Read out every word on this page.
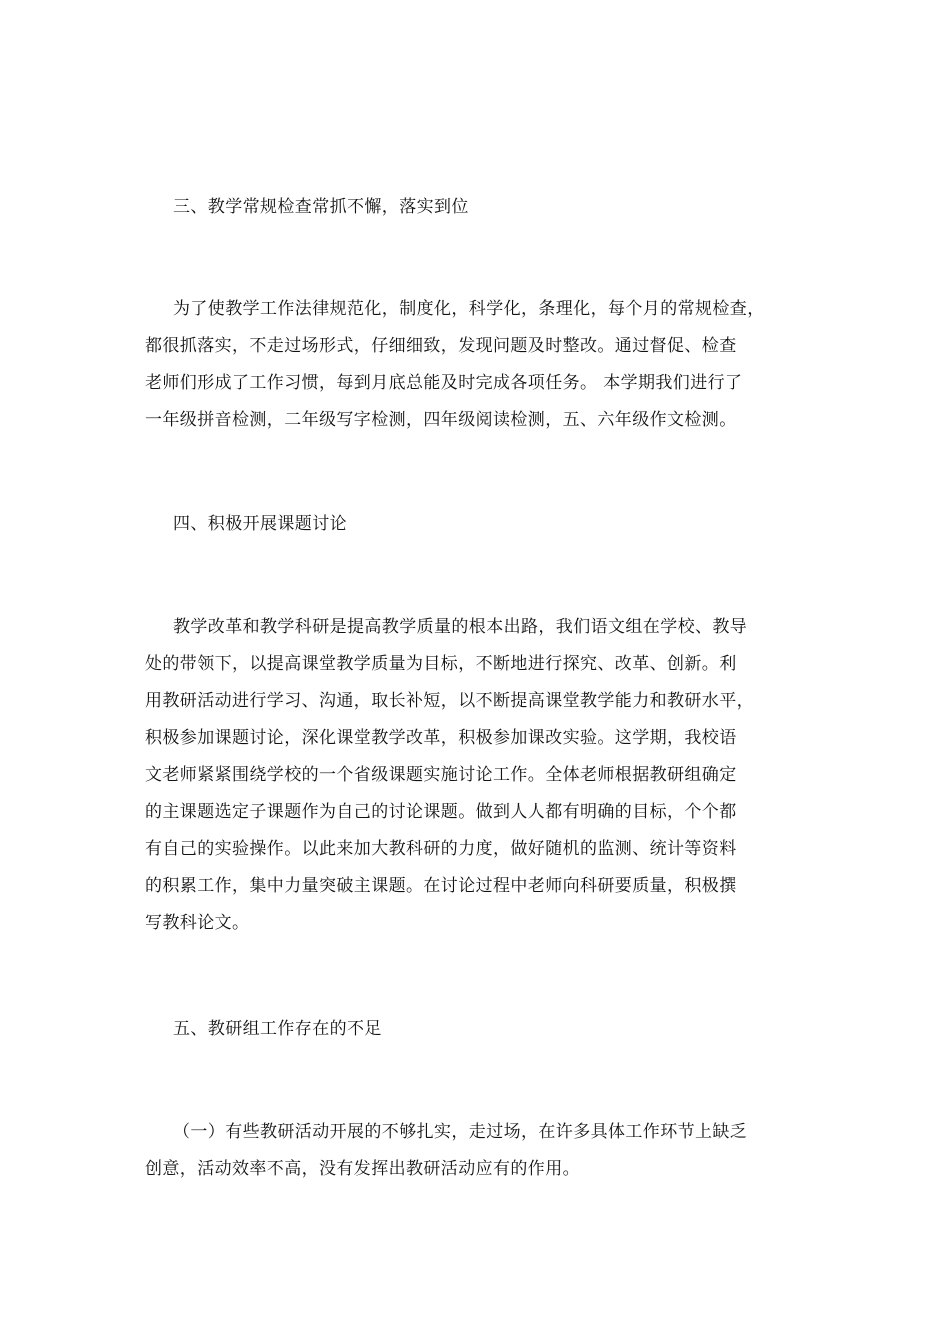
三、教学常规检查常抓不懈，落实到位
为了使教学工作法律规范化，制度化，科学化，条理化，每个月的常规检查，
都很抓落实，不走过场形式，仔细细致，发现问题及时整改。通过督促、检查
老师们形成了工作习惯，每到月底总能及时完成各项任务。 本学期我们进行了
一年级拼音检测，二年级写字检测，四年级阅读检测，五、六年级作文检测。
四、积极开展课题讨论
教学改革和教学科研是提高教学质量的根本出路，我们语文组在学校、教导
处的带领下，以提高课堂教学质量为目标，不断地进行探究、改革、创新。利
用教研活动进行学习、沟通，取长补短，以不断提高课堂教学能力和教研水平，
积极参加课题讨论，深化课堂教学改革，积极参加课改实验。这学期，我校语
文老师紧紧围绕学校的一个省级课题实施讨论工作。全体老师根据教研组确定
的主课题选定子课题作为自己的讨论课题。做到人人都有明确的目标，个个都
有自己的实验操作。以此来加大教科研的力度，做好随机的监测、统计等资料
的积累工作，集中力量突破主课题。在讨论过程中老师向科研要质量，积极撰
写教科论文。
五、教研组工作存在的不足
（一）有些教研活动开展的不够扎实，走过场，在许多具体工作环节上缺乏
创意，活动效率不高，没有发挥出教研活动应有的作用。
